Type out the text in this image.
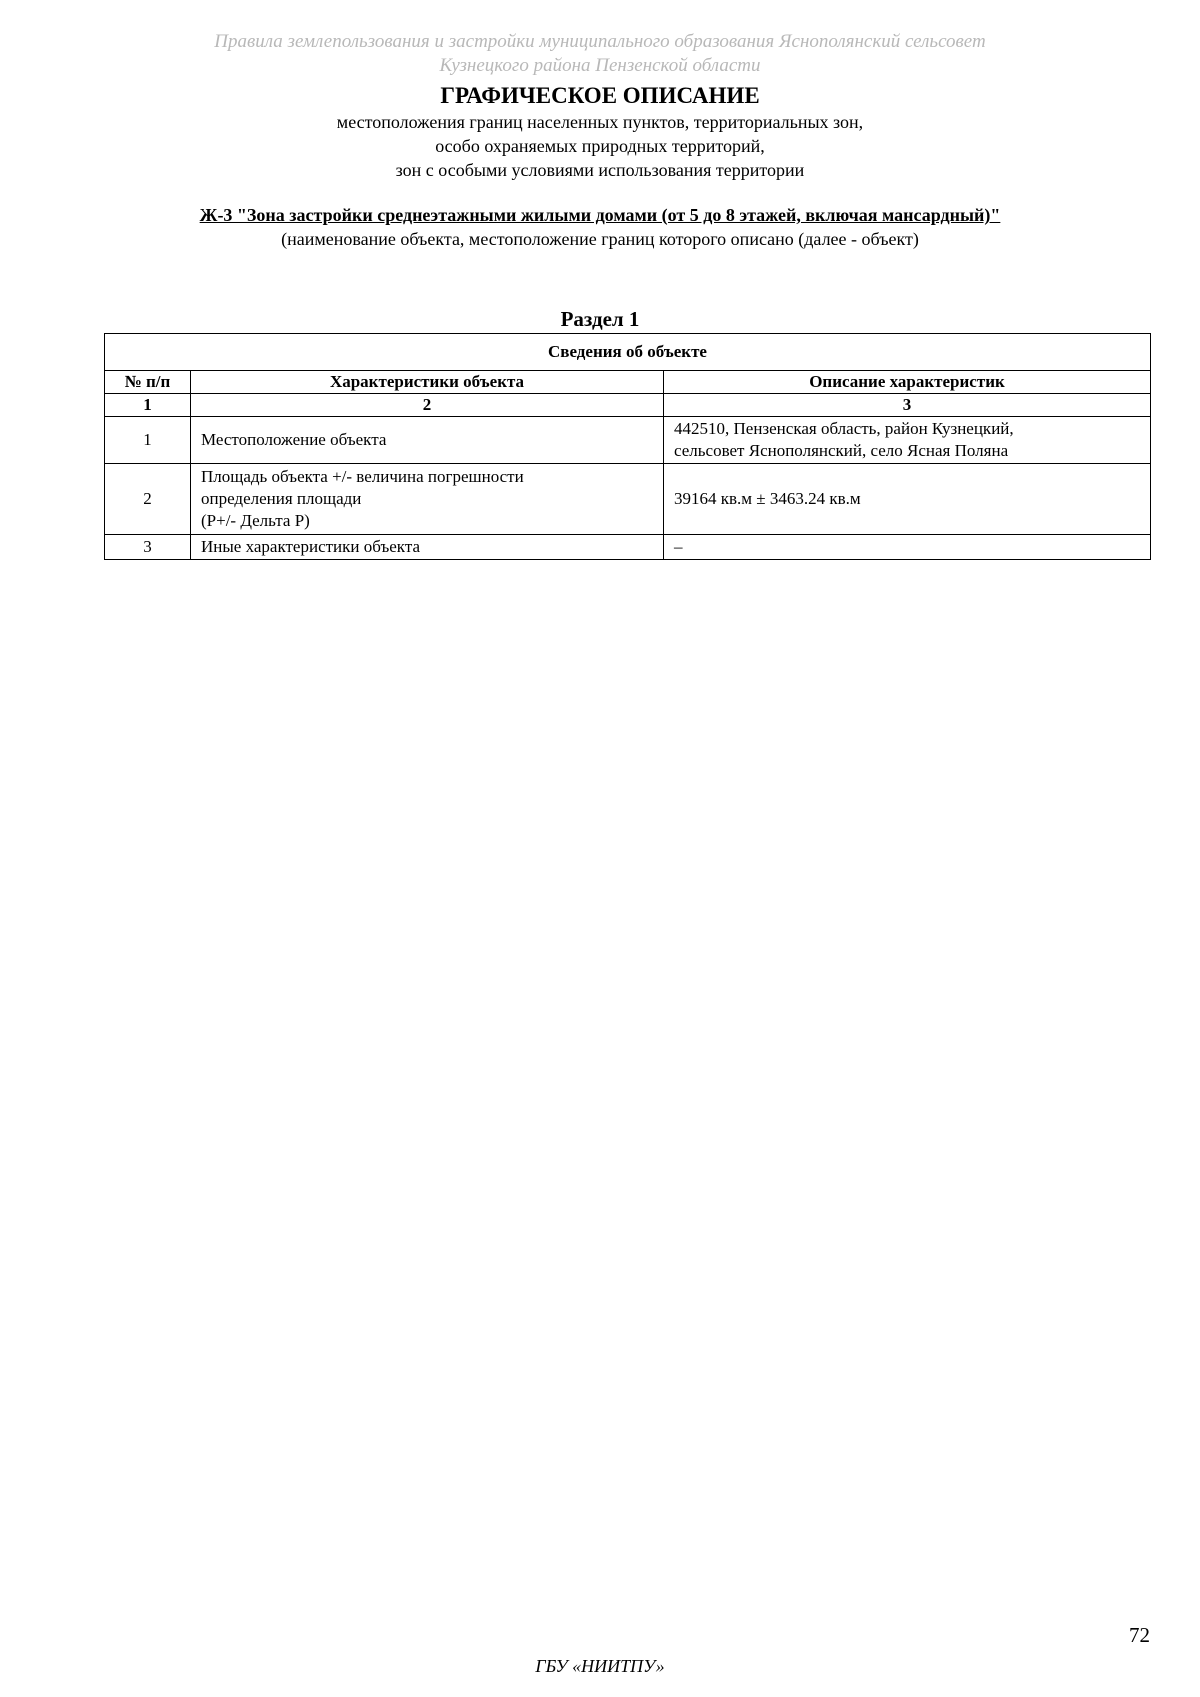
Правила землепользования и застройки муниципального образования Яснополянский сельсовет
Кузнецкого района Пензенской области
ГРАФИЧЕСКОЕ ОПИСАНИЕ
местоположения границ населенных пунктов, территориальных зон,
особо охраняемых природных территорий,
зон с особыми условиями использования территории
Ж-3 "Зона застройки среднеэтажными жилыми домами (от 5 до 8 этажей, включая мансардный)"
(наименование объекта, местоположение границ которого описано (далее - объект)
Раздел 1
Сведения об объекте		
№ п/п	Характеристики объекта	Описание характеристик
1	2	3
1	Местоположение объекта	442510, Пензенская область, район Кузнецкий,
сельсовет Яснополянский, село Ясная Поляна

2	Площадь объекта +/- величина погрешности
определения площади
(Р+/- Дельта Р)	39164 кв.м ± 3463.24 кв.м

3	Иные характеристики объекта	–
72
ГБУ «НИИТПУ»
